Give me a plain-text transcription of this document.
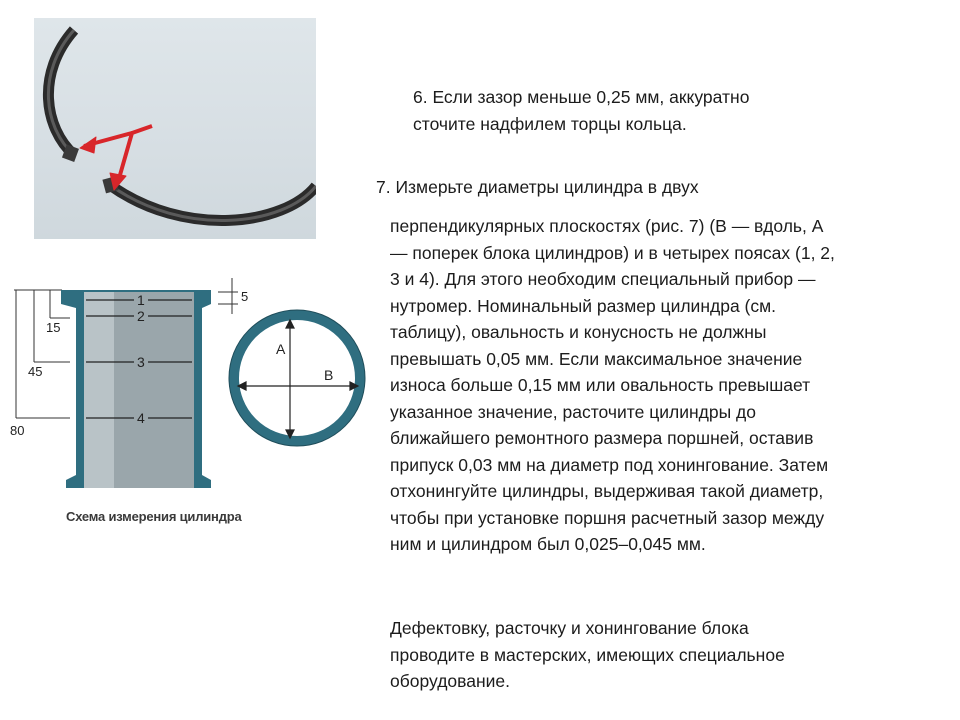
1
2
3
4
5
15
45
80
A
B
Схема измерения цилиндра
6. Если зазор меньше 0,25 мм, аккуратно
сточите надфилем торцы кольца.
7. Измерьте диаметры цилиндра в двух
перпендикулярных плоскостях (рис. 7) (В — вдоль, А
— поперек блока цилиндров) и в четырех поясах (1, 2,
3 и 4). Для этого необходим специальный прибор —
нутромер. Номинальный размер цилиндра (см.
таблицу), овальность и конусность не должны
превышать 0,05 мм. Если максимальное значение
износа больше 0,15 мм или овальность превышает
указанное значение, расточите цилиндры до
ближайшего ремонтного размера поршней, оставив
припуск 0,03 мм на диаметр под хонингование. Затем
отхонингуйте цилиндры, выдерживая такой диаметр,
чтобы при установке поршня расчетный зазор между
ним и цилиндром был 0,025–0,045 мм.
Дефектовку, расточку и хонингование блока
проводите в мастерских, имеющих специальное
оборудование.
